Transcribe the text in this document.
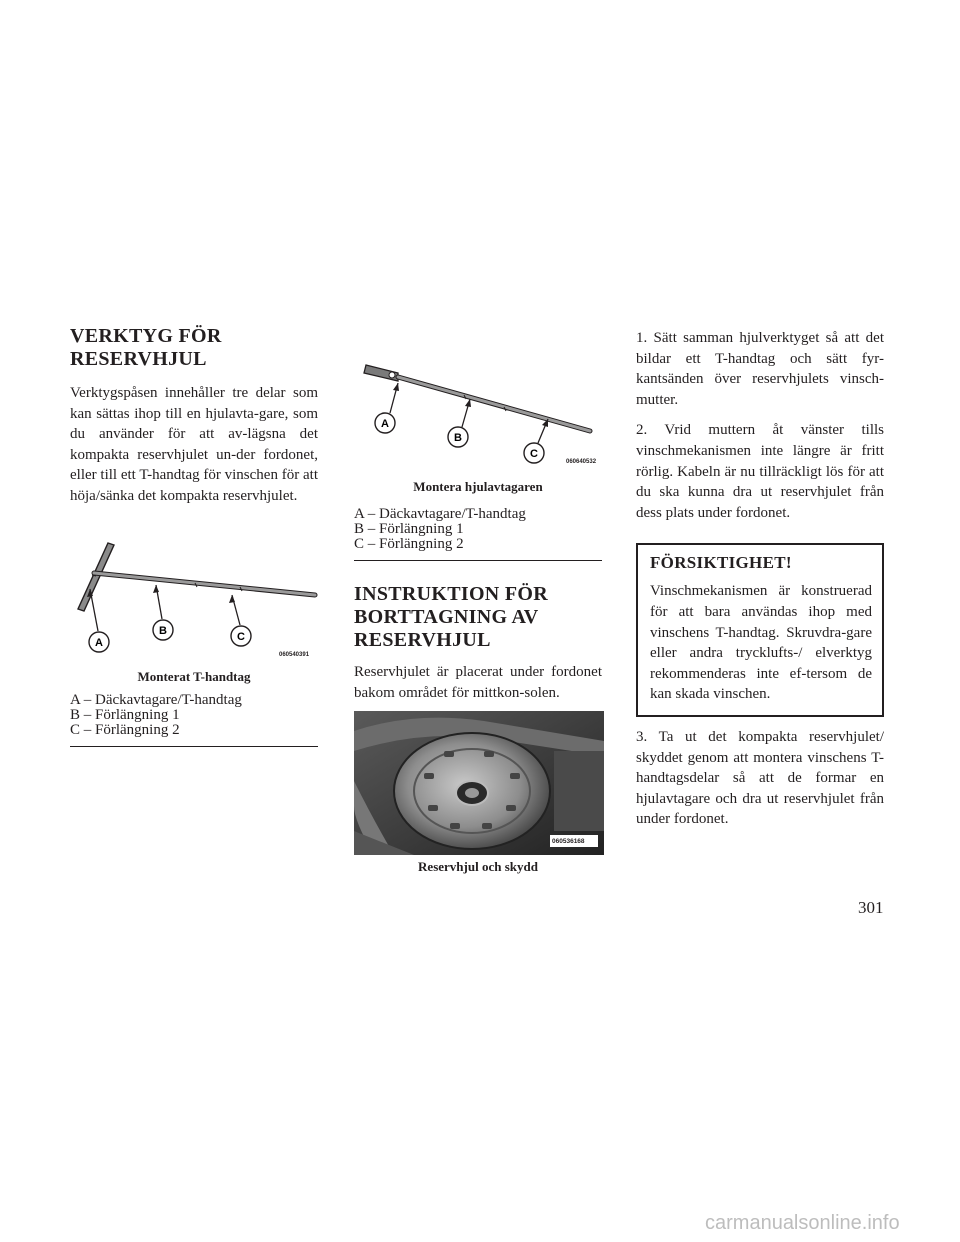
VERKTYG FÖR
RESERVHJUL

Verktygspåsen innehåller tre delar som kan sättas ihop till en hjulavta-gare, som du använder för att av-lägsna det kompakta reservhjulet un-der fordonet, eller till ett T-handtag för vinschen för att höja/sänka det kompakta reservhjulet.

A
B	C
060540391

Monterat T-handtag

A – Däckavtagare/T-handtag
B – Förlängning 1
C – Förlängning 2
A
B
C
060640532

Montera hjulavtagaren

A – Däckavtagare/T-handtag
B – Förlängning 1
C – Förlängning 2
INSTRUKTION FÖR
BORTTAGNING AV
RESERVHJUL

Reservhjulet är placerat under fordonet bakom området för mittkon-solen.

060536168

Reservhjul och skydd

1. Sätt samman hjulverktyget så att det bildar ett T-handtag och sätt fyr-kantsänden över reservhjulets vinsch-mutter.

2. Vrid muttern åt vänster tills vinschmekanismen inte längre är fritt rörlig. Kabeln är nu tillräckligt lös för att du ska kunna dra ut reservhjulet från dess plats under fordonet.

FÖRSIKTIGHET!

Vinschmekanismen är konstruerad för att bara användas ihop med vinschens T-handtag. Skruvdra-gare eller andra trycklufts-/ elverktyg rekommenderas inte ef-tersom de kan skada vinschen.

3. Ta ut det kompakta reservhjulet/ skyddet genom att montera vinschens T-handtagsdelar så att de formar en hjulavtagare och dra ut reservhjulet från under fordonet.

301
carmanualsonline.info
